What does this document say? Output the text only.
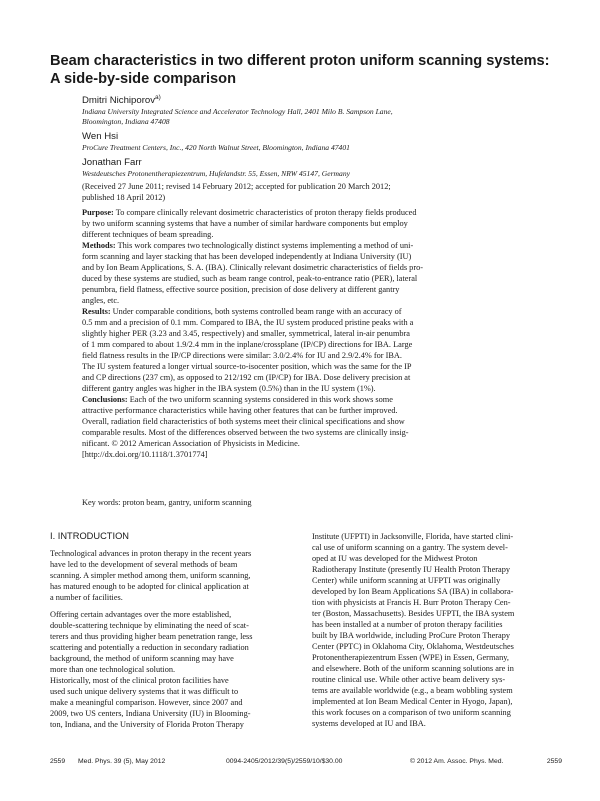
Beam characteristics in two different proton uniform scanning systems:
A side-by-side comparison
Dmitri Nichiporov$^{a)}$
Indiana University Integrated Science and Accelerator Technology Hall, 2401 Milo B. Sampson Lane,
Bloomington, Indiana 47408
Wen Hsi
ProCure Treatment Centers, Inc., 420 North Walnut Street, Bloomington, Indiana 47401
Jonathan Farr
Westdeutsches Protonentherapiezentrum, Hufelandstr. 55, Essen, NRW 45147, Germany
(Received 27 June 2011; revised 14 February 2012; accepted for publication 20 March 2012;
published 18 April 2012)
Purpose: To compare clinically relevant dosimetric characteristics of proton therapy fields produced
by two uniform scanning systems that have a number of similar hardware components but employ
different techniques of beam spreading.
Methods: This work compares two technologically distinct systems implementing a method of uni-
form scanning and layer stacking that has been developed independently at Indiana University (IU)
and by Ion Beam Applications, S. A. (IBA). Clinically relevant dosimetric characteristics of fields pro-
duced by these systems are studied, such as beam range control, peak-to-entrance ratio (PER), lateral
penumbra, field flatness, effective source position, precision of dose delivery at different gantry
angles, etc.
Results: Under comparable conditions, both systems controlled beam range with an accuracy of
0.5 mm and a precision of 0.1 mm. Compared to IBA, the IU system produced pristine peaks with a
slightly higher PER (3.23 and 3.45, respectively) and smaller, symmetrical, lateral in-air penumbra
of 1 mm compared to about 1.9/2.4 mm in the inplane/crossplane (IP/CP) directions for IBA. Large
field flatness results in the IP/CP directions were similar: 3.0/2.4% for IU and 2.9/2.4% for IBA.
The IU system featured a longer virtual source-to-isocenter position, which was the same for the IP
and CP directions (237 cm), as opposed to 212/192 cm (IP/CP) for IBA. Dose delivery precision at
different gantry angles was higher in the IBA system (0.5%) than in the IU system (1%).
Conclusions: Each of the two uniform scanning systems considered in this work shows some
attractive performance characteristics while having other features that can be further improved.
Overall, radiation field characteristics of both systems meet their clinical specifications and show
comparable results. Most of the differences observed between the two systems are clinically insig-
nificant. © 2012 American Association of Physicists in Medicine.
[http://dx.doi.org/10.1118/1.3701774]
Key words: proton beam, gantry, uniform scanning
I. INTRODUCTION
Technological advances in proton therapy in the recent years
have led to the development of several methods of beam
scanning. A simpler method among them, uniform scanning,
has matured enough to be adopted for clinical application at
a number of facilities.
Offering certain advantages over the more established,
double-scattering technique by eliminating the need of scat-
terers and thus providing higher beam penetration range, less
scattering and potentially a reduction in secondary radiation
background, the method of uniform scanning may have
more than one technological solution.
Historically, most of the clinical proton facilities have
used such unique delivery systems that it was difficult to
make a meaningful comparison. However, since 2007 and
2009, two US centers, Indiana University (IU) in Blooming-
ton, Indiana, and the University of Florida Proton Therapy
Institute (UFPTI) in Jacksonville, Florida, have started clini-
cal use of uniform scanning on a gantry. The system devel-
oped at IU was developed for the Midwest Proton
Radiotherapy Institute (presently IU Health Proton Therapy
Center) while uniform scanning at UFPTI was originally
developed by Ion Beam Applications SA (IBA) in collabora-
tion with physicists at Francis H. Burr Proton Therapy Cen-
ter (Boston, Massachusetts). Besides UFPTI, the IBA system
has been installed at a number of proton therapy facilities
built by IBA worldwide, including ProCure Proton Therapy
Center (PPTC) in Oklahoma City, Oklahoma, Westdeutsches
Protonentherapiezentrum Essen (WPE) in Essen, Germany,
and elsewhere. Both of the uniform scanning solutions are in
routine clinical use. While other active beam delivery sys-
tems are available worldwide (e.g., a beam wobbling system
implemented at Ion Beam Medical Center in Hyogo, Japan),
this work focuses on a comparison of two uniform scanning
systems developed at IU and IBA.
2559 Med. Phys. 39 (5), May 2012	0094-2405/2012/39(5)/2559/10/$30.00	© 2012 Am. Assoc. Phys. Med.	2559
